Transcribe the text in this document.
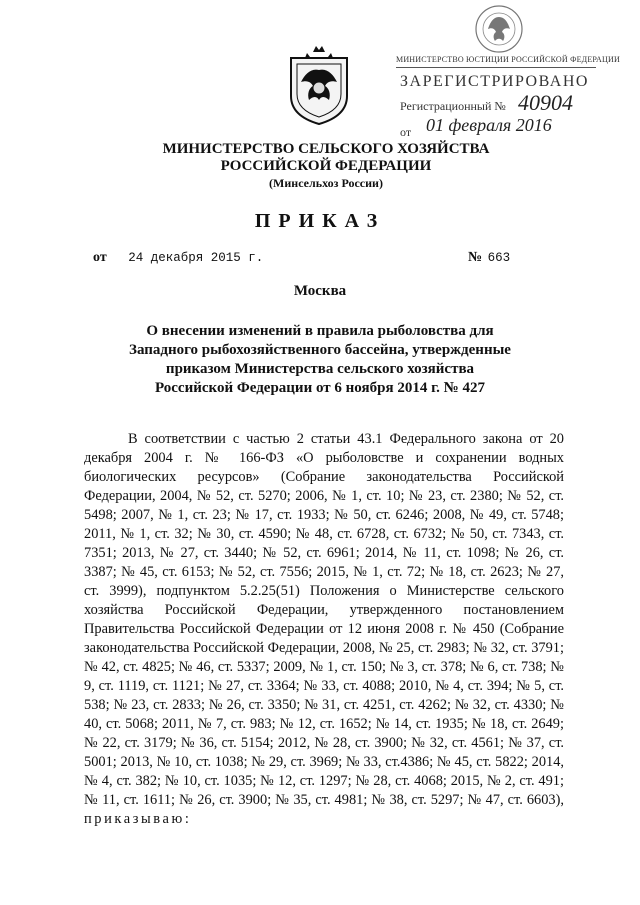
МИНИСТЕРСТВО ЮСТИЦИИ РОССИЙСКОЙ ФЕДЕРАЦИИ
ЗАРЕГИСТРИРОВАНО
Регистрационный № 40904
от 01 февраля 2016
МИНИСТЕРСТВО СЕЛЬСКОГО ХОЗЯЙСТВА
РОССИЙСКОЙ ФЕДЕРАЦИИ
(Минсельхоз России)
ПРИКАЗ
от 24 декабря 2015 г.	№ 663
Москва
О внесении изменений в правила рыболовства для
Западного рыбохозяйственного бассейна, утвержденные
приказом Министерства сельского хозяйства
Российской Федерации от 6 ноября 2014 г. № 427

В соответствии с частью 2 статьи 43.1 Федерального закона от 20 декабря 2004 г. № 166-ФЗ «О рыболовстве и сохранении водных биологических ресурсов» (Собрание законодательства Российской Федерации, 2004, № 52, ст. 5270; 2006, № 1, ст. 10; № 23, ст. 2380; № 52, ст. 5498; 2007, № 1, ст. 23; № 17, ст. 1933; № 50, ст. 6246; 2008, № 49, ст. 5748; 2011, № 1, ст. 32; № 30, ст. 4590; № 48, ст. 6728, ст. 6732; № 50, ст. 7343, ст. 7351; 2013, № 27, ст. 3440; № 52, ст. 6961; 2014, № 11, ст. 1098; № 26, ст. 3387; № 45, ст. 6153; № 52, ст. 7556; 2015, № 1, ст. 72; № 18, ст. 2623; № 27, ст. 3999), подпунктом 5.2.25(51) Положения о Министерстве сельского хозяйства Российской Федерации, утвержденного постановлением Правительства Российской Федерации от 12 июня 2008 г. № 450 (Собрание законодательства Российской Федерации, 2008, № 25, ст. 2983; № 32, ст. 3791; № 42, ст. 4825; № 46, ст. 5337; 2009, № 1, ст. 150; № 3, ст. 378; № 6, ст. 738; № 9, ст. 1119, ст. 1121; № 27, ст. 3364; № 33, ст. 4088; 2010, № 4, ст. 394; № 5, ст. 538; № 23, ст. 2833; № 26, ст. 3350; № 31, ст. 4251, ст. 4262; № 32, ст. 4330; № 40, ст. 5068; 2011, № 7, ст. 983; № 12, ст. 1652; № 14, ст. 1935; № 18, ст. 2649; № 22, ст. 3179; № 36, ст. 5154; 2012, № 28, ст. 3900; № 32, ст. 4561; № 37, ст. 5001; 2013, № 10, ст. 1038; № 29, ст. 3969; № 33, ст.4386; № 45, ст. 5822; 2014, № 4, ст. 382; № 10, ст. 1035; № 12, ст. 1297; № 28, ст. 4068; 2015, № 2, ст. 491; № 11, ст. 1611; № 26, ст. 3900; № 35, ст. 4981; № 38, ст. 5297; № 47, ст. 6603), приказываю:
